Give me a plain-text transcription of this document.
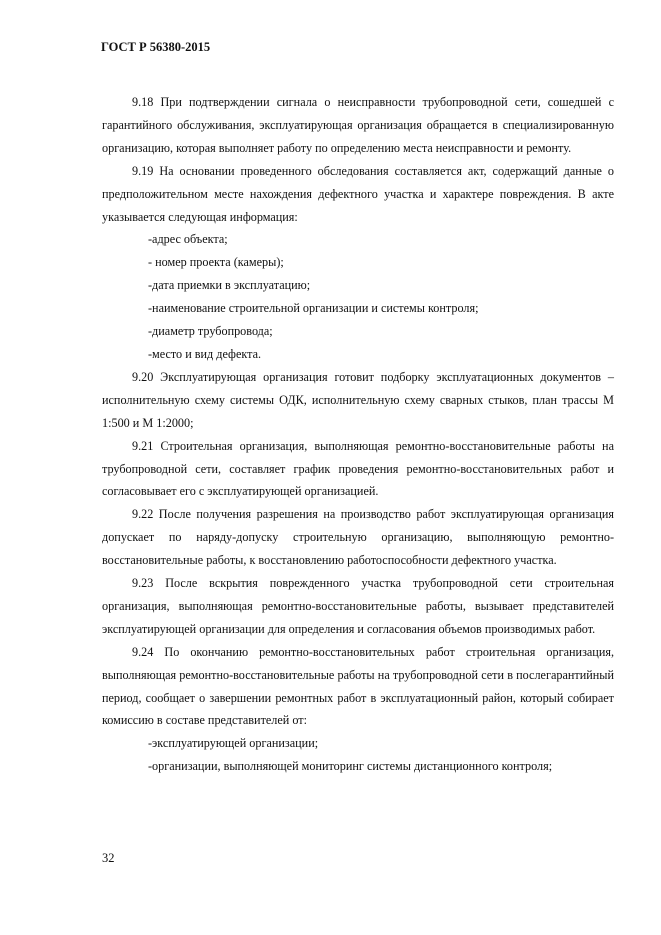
ГОСТ Р 56380-2015

9.18 При подтверждении сигнала о неисправности трубопроводной сети, сошедшей с гарантийного обслуживания, эксплуатирующая организация обращается в специализированную организацию, которая выполняет работу по определению места неисправности и ремонту.

9.19 На основании проведенного обследования составляется акт, содержащий данные о предположительном месте нахождения дефектного участка и характере повреждения. В акте указывается следующая информация:

-адрес объекта;

- номер проекта (камеры);

-дата приемки в эксплуатацию;

-наименование строительной организации и системы контроля;

-диаметр трубопровода;

-место и вид дефекта.

9.20 Эксплуатирующая организация готовит подборку эксплуатационных документов – исполнительную схему системы ОДК, исполнительную схему сварных стыков, план трассы М 1:500 и М 1:2000;

9.21 Строительная организация, выполняющая ремонтно-восстановительные работы на трубопроводной сети, составляет график проведения ремонтно-восстановительных работ и согласовывает его с эксплуатирующей организацией.

9.22 После получения разрешения на производство работ эксплуатирующая организация допускает по наряду-допуску строительную организацию, выполняющую ремонтно-восстановительные работы, к восстановлению работоспособности дефектного участка.

9.23 После вскрытия поврежденного участка трубопроводной сети строительная организация, выполняющая ремонтно-восстановительные работы, вызывает представителей эксплуатирующей организации для определения и согласования объемов производимых работ.

9.24 По окончанию ремонтно-восстановительных работ строительная организация, выполняющая ремонтно-восстановительные работы на трубопроводной сети в послегарантийный период, сообщает о завершении ремонтных работ в эксплуатационный район, который собирает комиссию в составе представителей от:

-эксплуатирующей организации;

-организации, выполняющей мониторинг системы дистанционного контроля;

32
